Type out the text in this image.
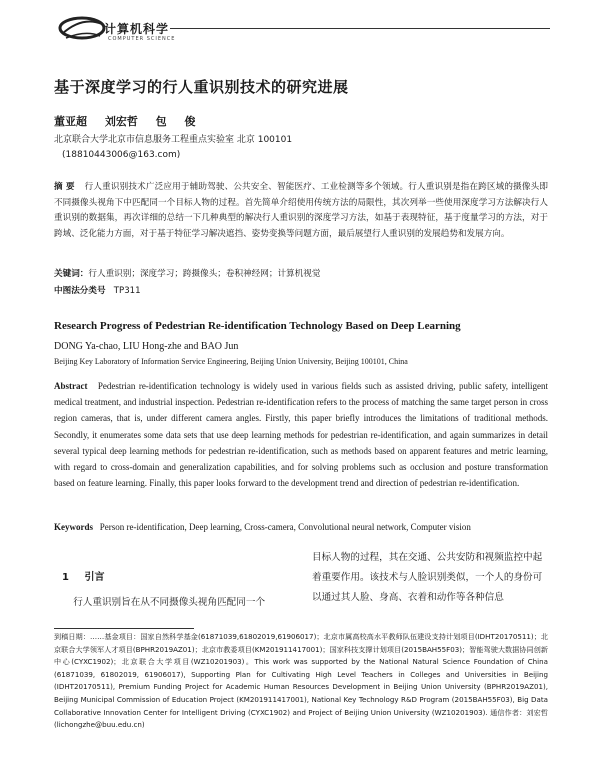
计算机科学
COMPUTER SCIENCE
基于深度学习的行人重识别技术的研究进展
董亚超 刘宏哲 包 俊
北京联合大学北京市信息服务工程重点实验室 北京 100101
(18810443006@163.com)
摘 要 行人重识别技术广泛应用于辅助驾驶、公共安全、智能医疗、工业检测等多个领域。行人重识别是指在跨区域的摄像头即不同摄像头视角下中匹配同一个目标人物的过程。首先简单介绍使用传统方法的局限性，其次列举一些使用深度学习方法解决行人重识别的数据集，再次详细的总结一下几种典型的解决行人重识别的深度学习方法，如基于表现特征，基于度量学习的方法，对于跨域、泛化能力方面，对于基于特征学习解决遮挡、姿势变换等问题方面，最后展望行人重识别的发展趋势和发展方向。
关键词：行人重识别；深度学习；跨摄像头；卷积神经网；计算机视觉
中图法分类号 TP311
Research Progress of Pedestrian Re-identification Technology Based on Deep Learning
DONG Ya-chao, LIU Hong-zhe and BAO Jun
Beijing Key Laboratory of Information Service Engineering, Beijing Union University, Beijing 100101, China
Abstract Pedestrian re-identification technology is widely used in various fields such as assisted driving, public safety, intelligent medical treatment, and industrial inspection. Pedestrian re-identification refers to the process of matching the same target person in cross region cameras, that is, under different camera angles. Firstly, this paper briefly introduces the limitations of traditional methods. Secondly, it enumerates some data sets that use deep learning methods for pedestrian re-identification, and again summarizes in detail several typical deep learning methods for pedestrian re-identification, such as methods based on apparent features and metric learning, with regard to cross-domain and generalization capabilities, and for solving problems such as occlusion and posture transformation based on feature learning. Finally, this paper looks forward to the development trend and direction of pedestrian re-identification.
Keywords Person re-identification, Deep learning, Cross-camera, Convolutional neural network, Computer vision
1 引言
行人重识别旨在从不同摄像头视角匹配同一个
目标人物的过程，其在交通、公共安防和视频监控中起着重要作用。该技术与人脸识别类似，一个人的身份可以通过其人脸、身高、衣着和动作等各种信息
到稿日期：……基金项目：国家自然科学基金(61871039,61802019,61906017)；北京市属高校高水平教师队伍建设支持计划项目(IDHT20170511)；北京联合大学领军人才项目(BPHR2019AZ01)；北京市教委项目(KM201911417001)；国家科技支撑计划项目(2015BAH55F03)；智能驾驶大数据协同创新中心(CYXC1902)；北京联合大学项目(WZ10201903)。This work was supported by the National Natural Science Foundation of China (61871039, 61802019, 61906017), Supporting Plan for Cultivating High Level Teachers in Colleges and Universities in Beijing (IDHT20170511), Premium Funding Project for Academic Human Resources Development in Beijing Union University (BPHR2019AZ01), Beijing Municipal Commission of Education Project (KM201911417001), National Key Technology R&D Program (2015BAH55F03), Big Data Collaborative Innovation Center for Intelligent Driving (CYXC1902) and Project of Beijing Union University (WZ10201903). 通信作者：刘宏哲(lichongzhe@buu.edu.cn)
